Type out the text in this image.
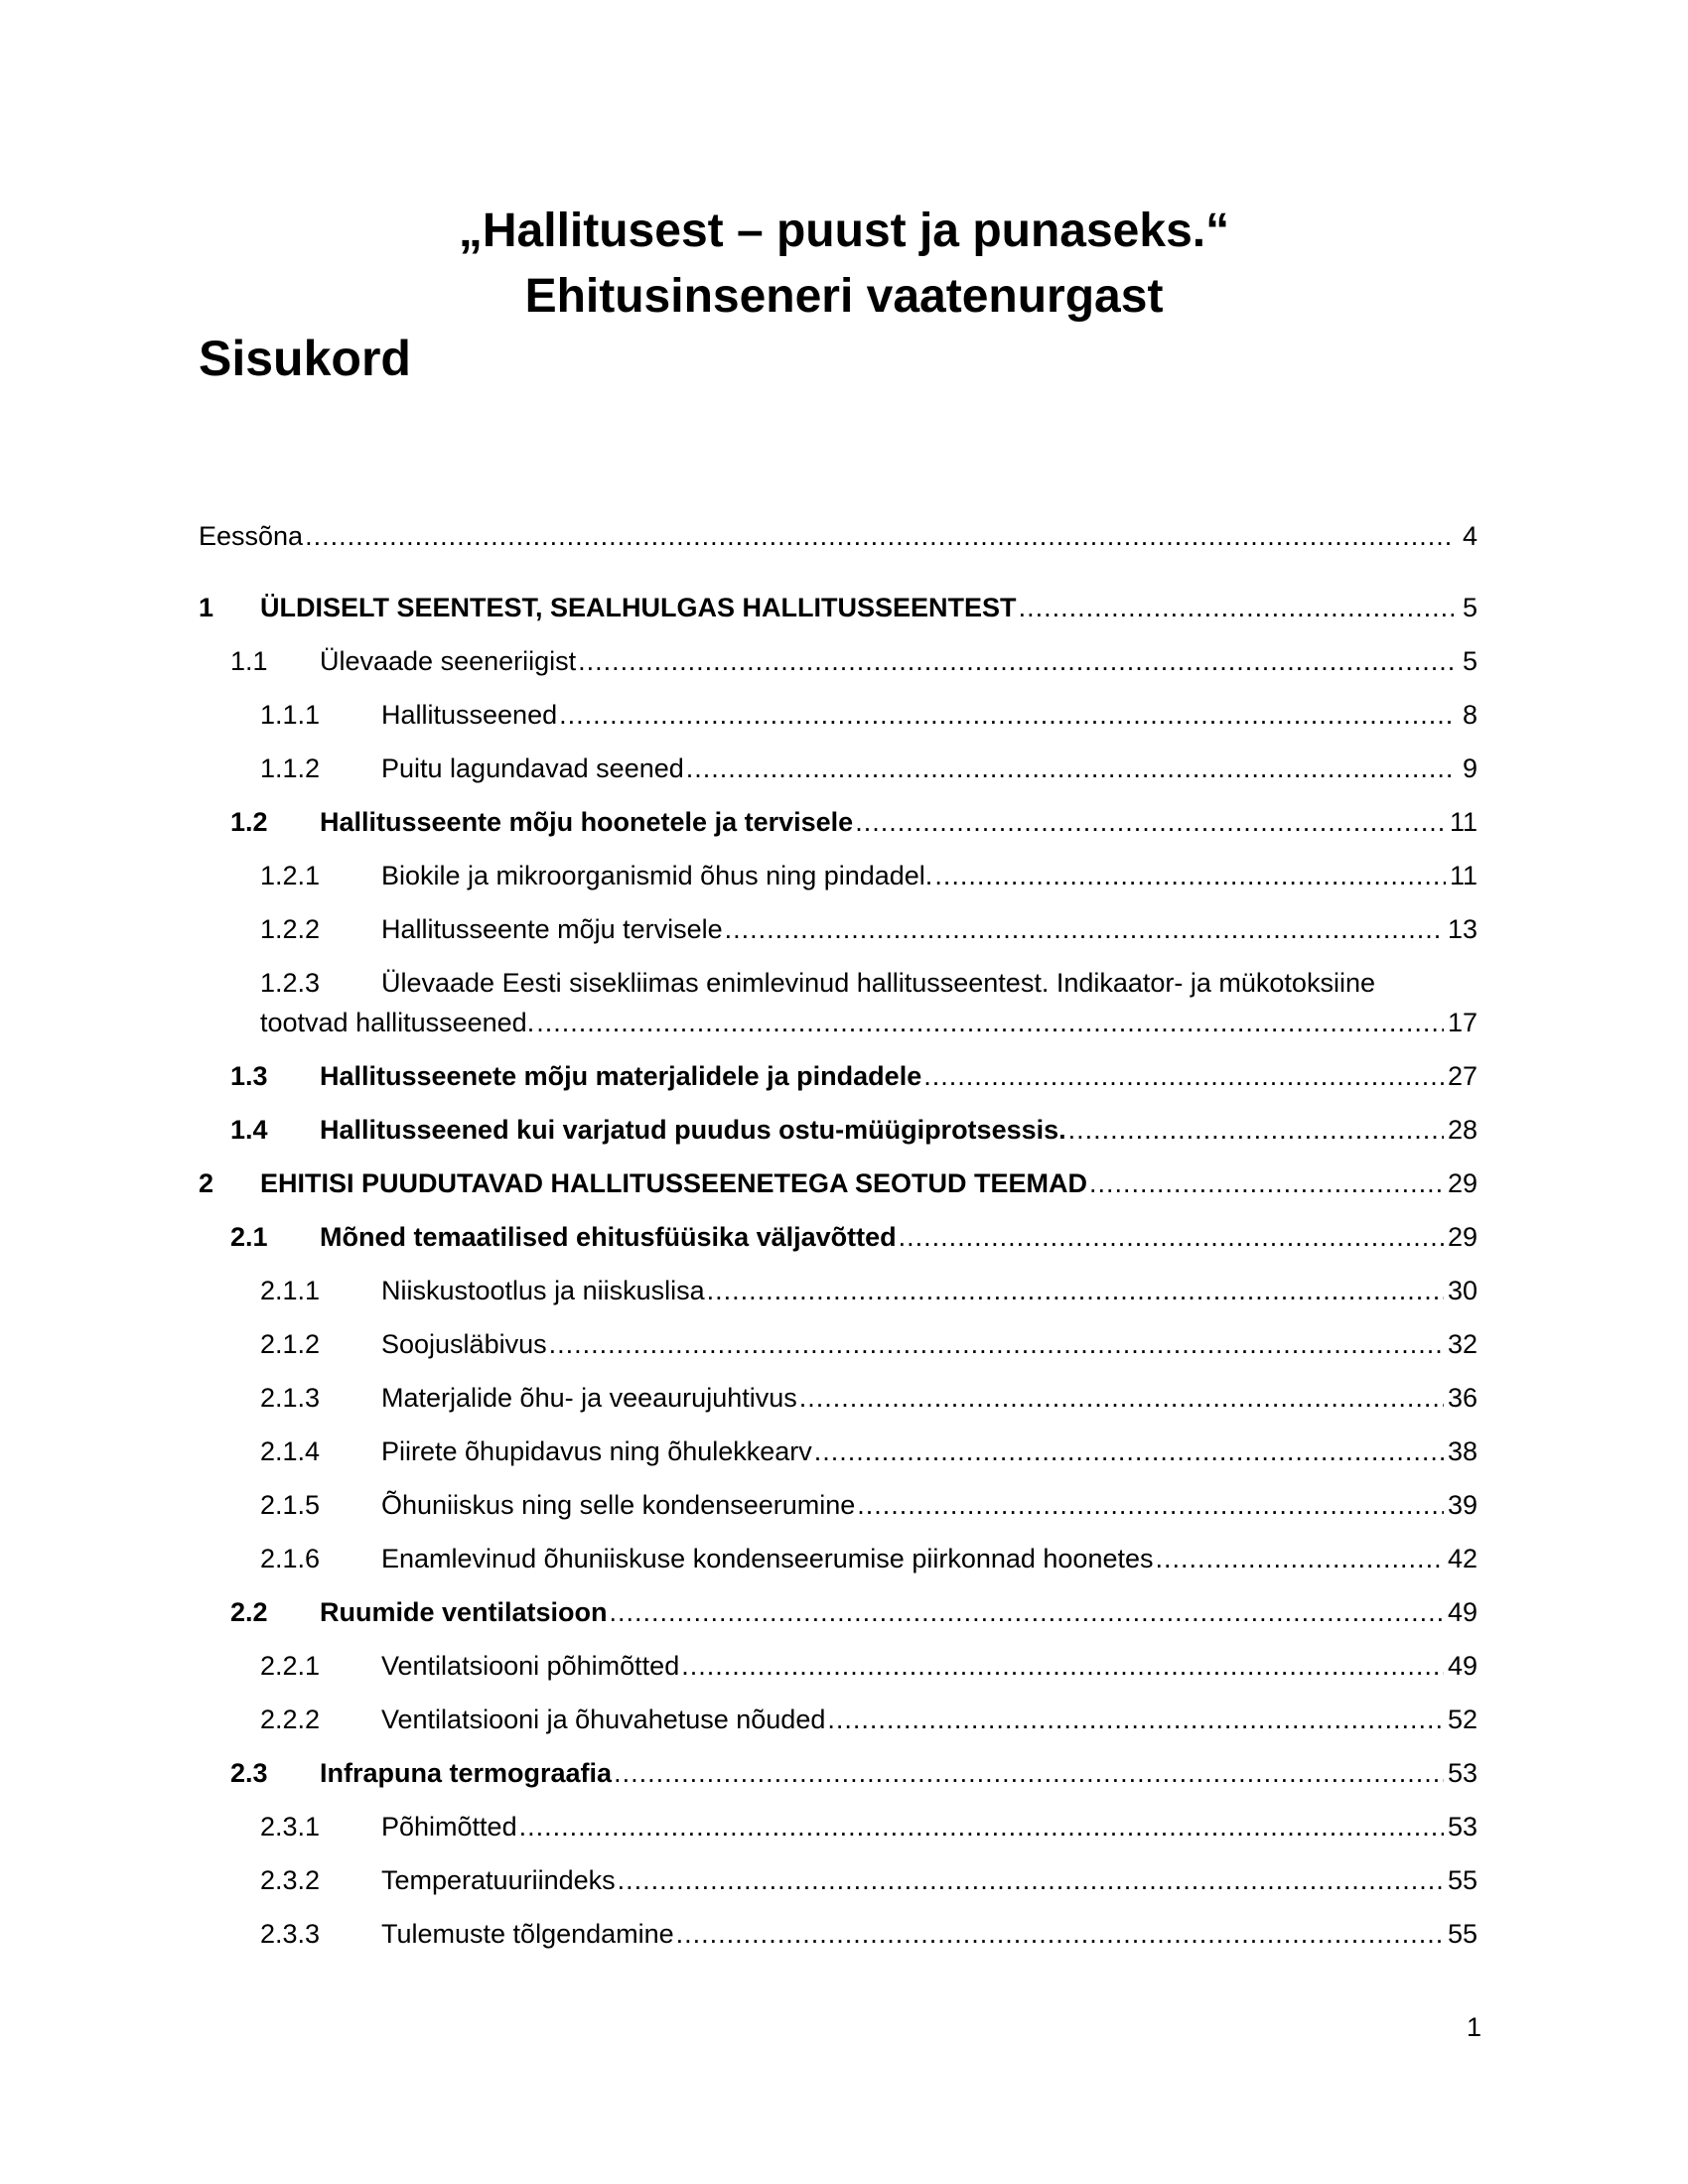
„Hallitusest – puust ja punaseks.“
Ehitusinseneri vaatenurgast
Sisukord
Eessõna .....	4
1	ÜLDISELT SEENTEST, SEALHULGAS HALLITUSSEENTEST .....	5
1.1	Ülevaade seeneriigist .....	5
1.1.1	Hallitusseened .....	8
1.1.2	Puitu lagundavad seened .....	9
1.2	Hallitusseente mõju hoonetele ja tervisele .....	11
1.2.1	Biokile ja mikroorganismid õhus ning pindadel. .....	11
1.2.2	Hallitusseente mõju tervisele .....	13
1.2.3	Ülevaade Eesti sisekliimas enimlevinud hallitusseentest. Indikaator- ja mükotoksiine
tootvad hallitusseened. .....	17
1.3	Hallitusseenete mõju materjalidele ja pindadele .....	27
1.4	Hallitusseened kui varjatud puudus ostu-müügiprotsessis. .....	28
2	EHITISI PUUDUTAVAD HALLITUSSEENETEGA SEOTUD TEEMAD .....	29
2.1	Mõned temaatilised ehitusfüüsika väljavõtted .....	29
2.1.1	Niiskustootlus ja niiskuslisa .....	30
2.1.2	Soojusläbivus .....	32
2.1.3	Materjalide õhu- ja veeaurujuhtivus .....	36
2.1.4	Piirete õhupidavus ning õhulekkearv .....	38
2.1.5	Õhuniiskus ning selle kondenseerumine .....	39
2.1.6	Enamlevinud õhuniiskuse kondenseerumise piirkonnad hoonetes .....	42
2.2	Ruumide ventilatsioon .....	49
2.2.1	Ventilatsiooni põhimõtted .....	49
2.2.2	Ventilatsiooni ja õhuvahetuse nõuded .....	52
2.3	Infrapuna termograafia .....	53
2.3.1	Põhimõtted .....	53
2.3.2	Temperatuuriindeks .....	55
2.3.3	Tulemuste tõlgendamine .....	55
1
